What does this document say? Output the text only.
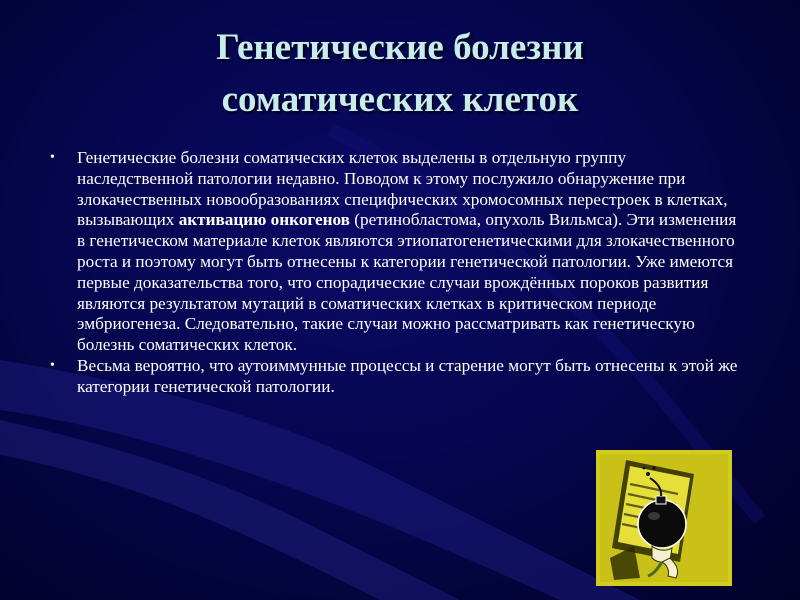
Генетические болезни
соматических клеток
• Генетические болезни соматических клеток выделены в отдельную группу наследственной патологии недавно. Поводом к этому послужило обнаружение при злокачественных новообразованиях специфических хромосомных перестроек в клетках, вызывающих активацию онкогенов (ретинобластома, опухоль Вильмса). Эти изменения в генетическом материале клеток являются этиопатогенетическими для злокачественного роста и поэтому могут быть отнесены к категории генетической патологии. Уже имеются первые доказательства того, что спорадические случаи врождённых пороков развития являются результатом мутаций в соматических клетках в критическом периоде эмбриогенеза. Следовательно, такие случаи можно рассматривать как генетическую болезнь соматических клеток.
• Весьма вероятно, что аутоиммунные процессы и старение могут быть отнесены к этой же категории генетической патологии.
